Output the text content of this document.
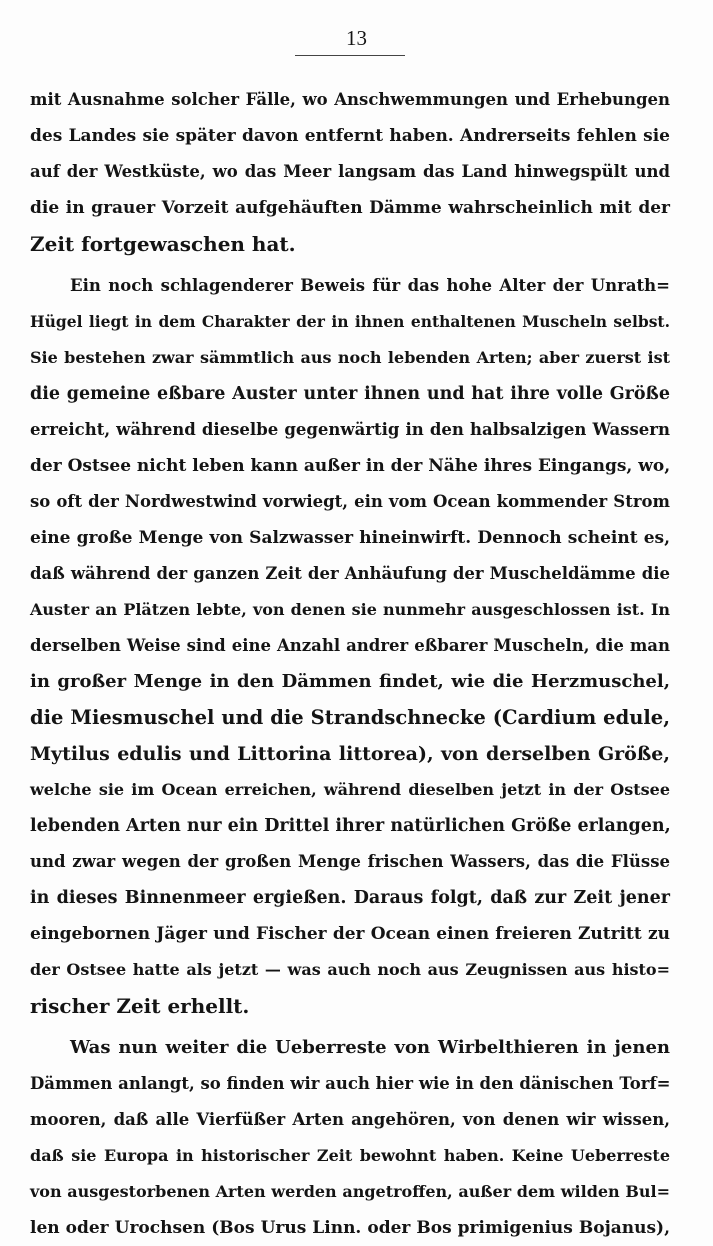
13
mit Ausnahme solcher Fälle, wo Anschwemmungen und Erhebungen
des Landes sie später davon entfernt haben. Andrerseits fehlen sie
auf der Westküste, wo das Meer langsam das Land hinwegspült und
die in grauer Vorzeit aufgehäuften Dämme wahrscheinlich mit der
Zeit fortgewaschen hat.
Ein noch schlagenderer Beweis für das hohe Alter der Unrath=
Hügel liegt in dem Charakter der in ihnen enthaltenen Muscheln selbst.
Sie bestehen zwar sämmtlich aus noch lebenden Arten; aber zuerst ist
die gemeine eßbare Auster unter ihnen und hat ihre volle Größe
erreicht, während dieselbe gegenwärtig in den halbsalzigen Wassern
der Ostsee nicht leben kann außer in der Nähe ihres Eingangs, wo,
so oft der Nordwestwind vorwiegt, ein vom Ocean kommender Strom
eine große Menge von Salzwasser hineinwirft. Dennoch scheint es,
daß während der ganzen Zeit der Anhäufung der Muscheldämme die
Auster an Plätzen lebte, von denen sie nunmehr ausgeschlossen ist. In
derselben Weise sind eine Anzahl andrer eßbarer Muscheln, die man
in großer Menge in den Dämmen findet, wie die Herzmuschel,
die Miesmuschel und die Strandschnecke (Cardium edule,
Mytilus edulis und Littorina littorea), von derselben Größe,
welche sie im Ocean erreichen, während dieselben jetzt in der Ostsee
lebenden Arten nur ein Drittel ihrer natürlichen Größe erlangen,
und zwar wegen der großen Menge frischen Wassers, das die Flüsse
in dieses Binnenmeer ergießen. Daraus folgt, daß zur Zeit jener
eingebornen Jäger und Fischer der Ocean einen freieren Zutritt zu
der Ostsee hatte als jetzt — was auch noch aus Zeugnissen aus histo=
rischer Zeit erhellt.
Was nun weiter die Ueberreste von Wirbelthieren in jenen
Dämmen anlangt, so finden wir auch hier wie in den dänischen Torf=
mooren, daß alle Vierfüßer Arten angehören, von denen wir wissen,
daß sie Europa in historischer Zeit bewohnt haben. Keine Ueberreste
von ausgestorbenen Arten werden angetroffen, außer dem wilden Bul=
len oder Urochsen (Bos Urus Linn. oder Bos primigenius Bojanus),
